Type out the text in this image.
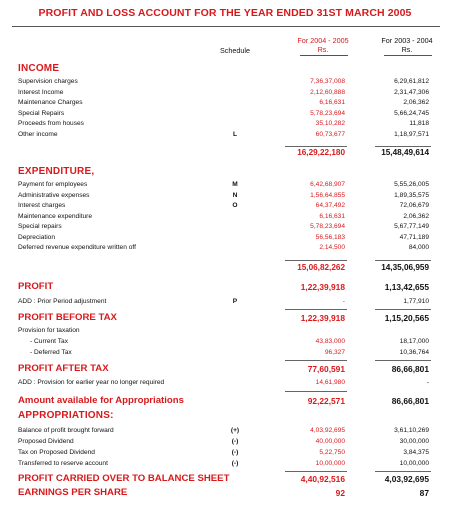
PROFIT AND LOSS ACCOUNT FOR THE YEAR ENDED 31ST MARCH 2005
Schedule
For 2004 - 2005
Rs.
For 2003 - 2004
Rs.
INCOME
Supervision charges	7,36,37,008	6,29,61,812
Interest Income	2,12,60,888	2,31,47,306
Maintenance Charges	6,16,631	2,06,362
Special Repairs	5,78,23,694	5,66,24,745
Proceeds from houses	35,10,282	11,818
Other income	L	60,73,677	1,18,97,571
16,29,22,180	15,48,49,614
EXPENDITURE,
Payment for employees	M	6,42,68,907	5,55,26,005
Administrative expenses	N	1,56,64,855	1,89,35,575
Interest charges	O	64,37,492	72,06,679
Maintenance expenditure	6,16,631	2,06,362
Special repairs	5,78,23,694	5,67,77,149
Depreciation	56,56,183	47,71,189
Deferred revenue expenditure written off	2,14,500	84,000
15,06,82,262	14,35,06,959
PROFIT	1,22,39,918	1,13,42,655
ADD : Prior Period adjustment	P	-	1,77,910
PROFIT BEFORE TAX	1,22,39,918	1,15,20,565
Provision for taxation
- Current Tax	43,83,000	18,17,000
- Deferred Tax	96,327	10,36,764
PROFIT AFTER TAX	77,60,591	86,66,801
ADD : Provision for earlier year no longer required	14,61,980	-
Amount available for Appropriations	92,22,571	86,66,801
APPROPRIATIONS:
Balance of profit brought forward	(+)	4,03,92,695	3,61,10,269
Proposed Dividend	(-)	40,00,000	30,00,000
Tax on Proposed Dividend	(-)	5,22,750	3,84,375
Transferred to reserve account	(-)	10,00,000	10,00,000
PROFIT CARRIED OVER TO BALANCE SHEET	4,40,92,516	4,03,92,695
EARNINGS PER SHARE	92	87
